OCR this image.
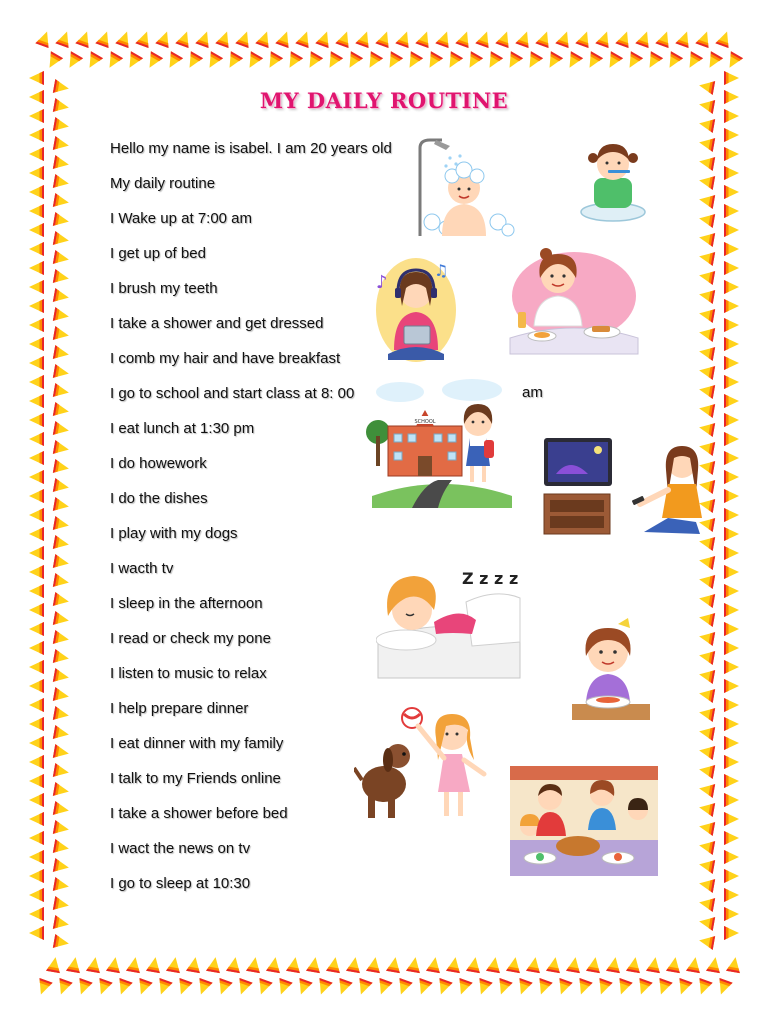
MY DAILY ROUTINE
Hello my name is isabel. I am 20 years old
My daily routine
I Wake up at 7:00 am
I get up of bed
I brush my teeth
I take a shower and get dressed
I comb my hair and have breakfast
I go to school and start class at 8: 00
I eat lunch at 1:30 pm
I do howework
I do the dishes
I play with my dogs
I wacth tv
I sleep in the afternoon
I read or check my pone
I listen to music to relax
I help prepare dinner
I eat dinner with my family
I talk to my Friends online
I take a shower before bed
I wact the news on tv
I go to sleep at 10:30
am
♪
♫
SCHOOL
Z z z z
